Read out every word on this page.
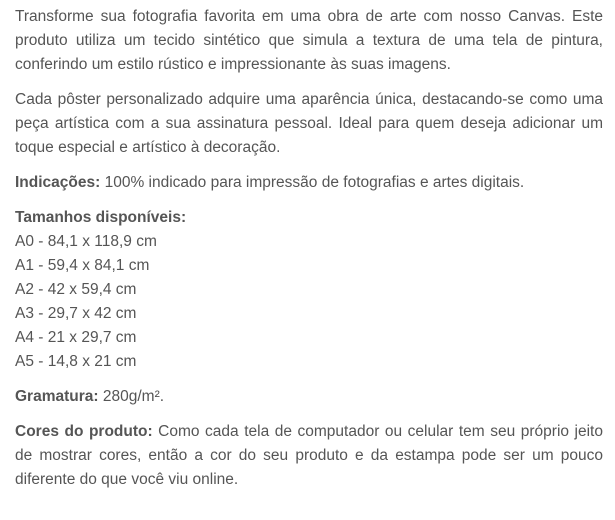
Transforme sua fotografia favorita em uma obra de arte com nosso Canvas. Este produto utiliza um tecido sintético que simula a textura de uma tela de pintura, conferindo um estilo rústico e impressionante às suas imagens.

Cada pôster personalizado adquire uma aparência única, destacando-se como uma peça artística com a sua assinatura pessoal. Ideal para quem deseja adicionar um toque especial e artístico à decoração.

Indicações: 100% indicado para impressão de fotografias e artes digitais.

Tamanhos disponíveis:
A0 - 84,1 x 118,9 cm
A1 - 59,4 x 84,1 cm
A2 - 42 x 59,4 cm
A3 - 29,7 x 42 cm
A4 - 21 x 29,7 cm
A5 - 14,8 x 21 cm

Gramatura: 280g/m².

Cores do produto: Como cada tela de computador ou celular tem seu próprio jeito de mostrar cores, então a cor do seu produto e da estampa pode ser um pouco diferente do que você viu online.
